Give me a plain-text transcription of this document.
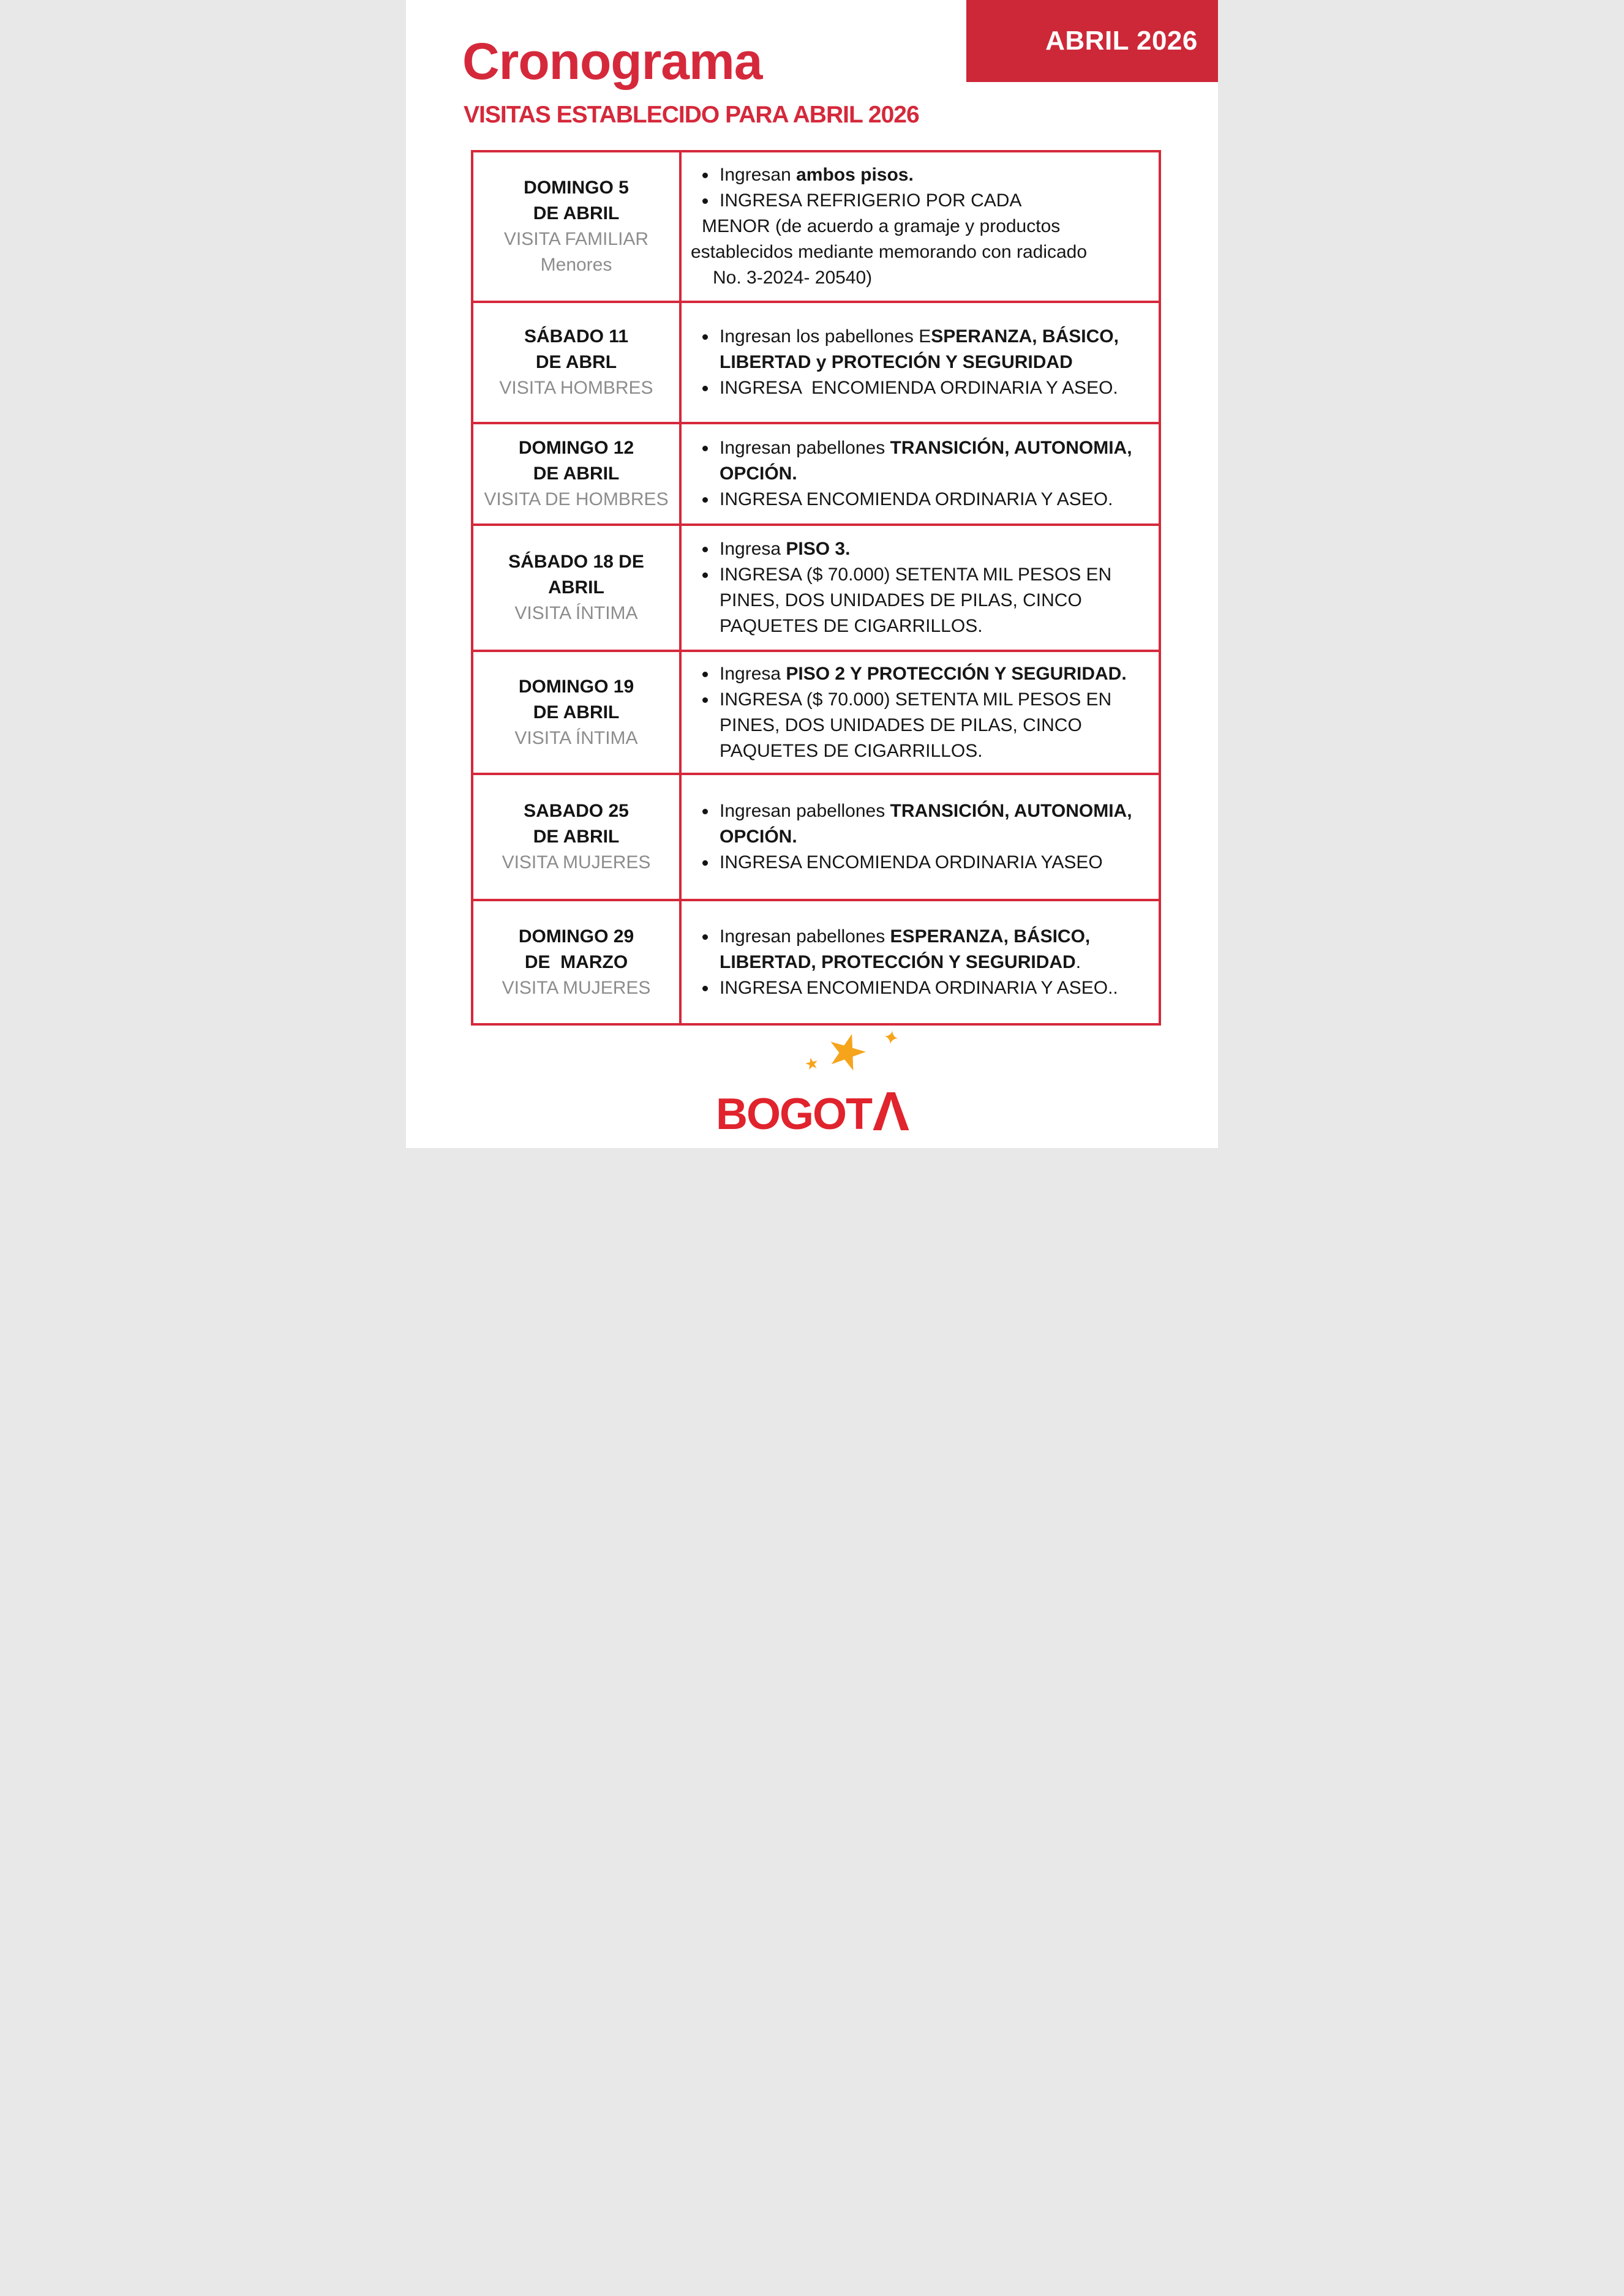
ABRIL 2026
Cronograma
VISITAS ESTABLECIDO PARA ABRIL 2026
DOMINGO 5
DE ABRIL
VISITA FAMILIAR
Menores
Ingresan ambos pisos.
INGRESA REFRIGERIO POR CADA
MENOR (de acuerdo a gramaje y productos
establecidos mediante memorando con radicado
No. 3-2024- 20540)
SÁBADO 11
DE ABRL
VISITA HOMBRES
Ingresan los pabellones ESPERANZA, BÁSICO,
LIBERTAD y PROTECIÓN Y SEGURIDAD
INGRESA  ENCOMIENDA ORDINARIA Y ASEO.
DOMINGO 12
DE ABRIL
VISITA DE HOMBRES
Ingresan pabellones TRANSICIÓN, AUTONOMIA,
OPCIÓN.
INGRESA ENCOMIENDA ORDINARIA Y ASEO.
SÁBADO 18 DE
ABRIL
VISITA ÍNTIMA
Ingresa PISO 3.
INGRESA ($ 70.000) SETENTA MIL PESOS EN
PINES, DOS UNIDADES DE PILAS, CINCO
PAQUETES DE CIGARRILLOS.
DOMINGO 19
DE ABRIL
VISITA ÍNTIMA
Ingresa PISO 2 Y PROTECCIÓN Y SEGURIDAD.
INGRESA ($ 70.000) SETENTA MIL PESOS EN
PINES, DOS UNIDADES DE PILAS, CINCO
PAQUETES DE CIGARRILLOS.
SABADO 25
DE ABRIL
VISITA MUJERES
Ingresan pabellones TRANSICIÓN, AUTONOMIA,
OPCIÓN.
INGRESA ENCOMIENDA ORDINARIA YASEO
DOMINGO 29
DE  MARZO
VISITA MUJERES
Ingresan pabellones ESPERANZA, BÁSICO,
LIBERTAD, PROTECCIÓN Y SEGURIDAD.
INGRESA ENCOMIENDA ORDINARIA Y ASEO..
★ ✦
★
BOGOT Λ
